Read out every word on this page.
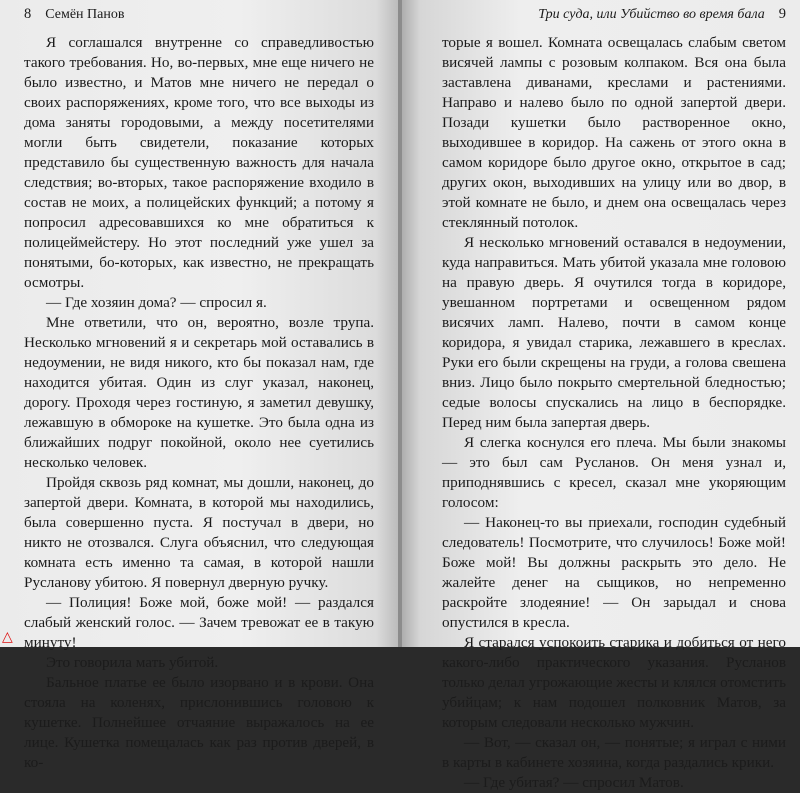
8 Семён Панов

Я соглашался внутренне со справедливостью такого требования. Но, во-первых, мне еще ничего не было известно, и Матов мне ничего не передал о своих распоряжениях, кроме того, что все выходы из дома заняты городовыми, а между посетителями могли быть свидетели, показание которых представило бы существенную важность для начала следствия; во-вторых, такое распоряжение входило в состав не моих, а полицейских функций; а потому я попросил адресовавшихся ко мне обратиться к полицеймейстеру. Но этот последний уже ушел за понятыми, бо-которых, как известно, не прекращать осмотры.

— Где хозяин дома? — спросил я.

Мне ответили, что он, вероятно, возле трупа. Несколько мгновений я и секретарь мой оставались в недоумении, не видя никого, кто бы показал нам, где находится убитая. Один из слуг указал, наконец, дорогу. Проходя через гостиную, я заметил девушку, лежавшую в обмороке на кушетке. Это была одна из ближайших подруг покойной, около нее суетились несколько человек.

Пройдя сквозь ряд комнат, мы дошли, наконец, до запертой двери. Комната, в которой мы находились, была совершенно пуста. Я постучал в двери, но никто не отозвался. Слуга объяснил, что следующая комната есть именно та самая, в которой нашли Русланову убитою. Я повернул дверную ручку.

— Полиция! Боже мой, боже мой! — раздался слабый женский голос. — Зачем тревожат ее в такую минуту!

Это говорила мать убитой.

Бальное платье ее было изорвано и в крови. Она стояла на коленях, прислонившись головою к кушетке. Полнейшее отчаяние выражалось на ее лице. Кушетка помещалась как раз против дверей, в ко-

△
Три суда, или Убийство во время бала 9

торые я вошел. Комната освещалась слабым светом висячей лампы с розовым колпаком. Вся она была заставлена диванами, креслами и растениями. Направо и налево было по одной запертой двери. Позади кушетки было растворенное окно, выходившее в коридор. На сажень от этого окна в самом коридоре было другое окно, открытое в сад; других окон, выходивших на улицу или во двор, в этой комнате не было, и днем она освещалась через стеклянный потолок.

Я несколько мгновений оставался в недоумении, куда направиться. Мать убитой указала мне головою на правую дверь. Я очутился тогда в коридоре, увешанном портретами и освещенном рядом висячих ламп. Налево, почти в самом конце коридора, я увидал старика, лежавшего в креслах. Руки его были скрещены на груди, а голова свешена вниз. Лицо было покрыто смертельной бледностью; седые волосы спускались на лицо в беспорядке. Перед ним была запертая дверь.

Я слегка коснулся его плеча. Мы были знакомы — это был сам Русланов. Он меня узнал и, приподнявшись с кресел, сказал мне укоряющим голосом:

— Наконец-то вы приехали, господин судебный следователь! Посмотрите, что случилось! Боже мой! Боже мой! Вы должны раскрыть это дело. Не жалейте денег на сыщиков, но непременно раскройте злодеяние! — Он зарыдал и снова опустился в кресла.

Я старался успокоить старика и добиться от него какого-либо практического указания. Русланов только делал угрожающие жесты и клялся отомстить убийцам; к нам подошел полковник Матов, за которым следовали несколько мужчин.

— Вот, — сказал он, — понятые; я играл с ними в карты в кабинете хозяина, когда раздались крики.

— Где убитая? — спросил Матов.
